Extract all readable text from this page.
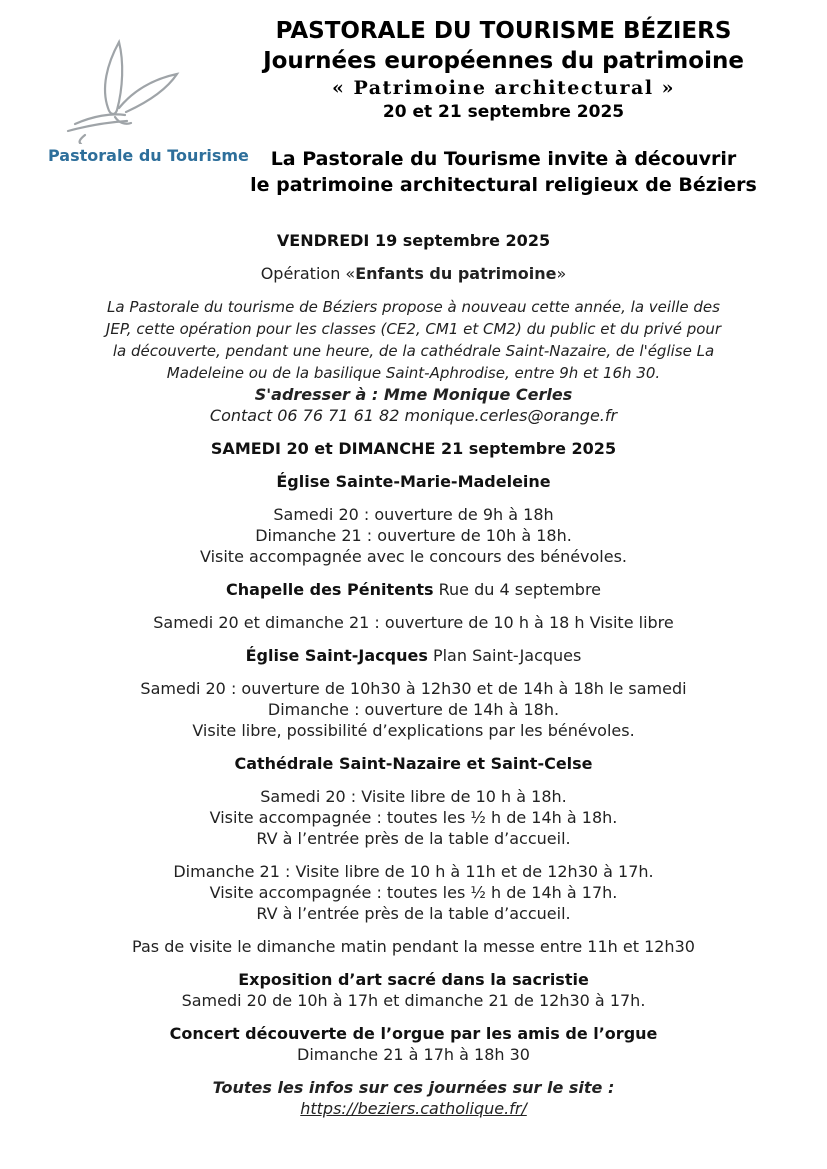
Pastorale du Tourisme
PASTORALE DU TOURISME BÉZIERS
Journées européennes du patrimoine
« Patrimoine architectural »
20 et 21 septembre 2025
La Pastorale du Tourisme invite à découvrir
le patrimoine architectural religieux de Béziers
VENDREDI 19 septembre 2025
Opération «Enfants du patrimoine»
La Pastorale du tourisme de Béziers propose à nouveau cette année, la veille des
JEP, cette opération pour les classes (CE2, CM1 et CM2) du public et du privé pour
la découverte, pendant une heure, de la cathédrale Saint-Nazaire, de l'église La
Madeleine ou de la basilique Saint-Aphrodise, entre 9h et 16h 30.
S'adresser à : Mme Monique Cerles
Contact 06 76 71 61 82 monique.cerles@orange.fr
SAMEDI 20 et DIMANCHE 21 septembre 2025
Église Sainte-Marie-Madeleine
Samedi 20 : ouverture de 9h à 18h
Dimanche 21 : ouverture de 10h à 18h.
Visite accompagnée avec le concours des bénévoles.
Chapelle des Pénitents Rue du 4 septembre
Samedi 20 et dimanche 21 : ouverture de 10 h à 18 h Visite libre
Église Saint-Jacques Plan Saint-Jacques
Samedi 20 : ouverture de 10h30 à 12h30 et de 14h à 18h le samedi
Dimanche : ouverture de 14h à 18h.
Visite libre, possibilité d’explications par les bénévoles.
Cathédrale Saint-Nazaire et Saint-Celse
Samedi 20 : Visite libre de 10 h à 18h.
Visite accompagnée : toutes les ½ h de 14h à 18h.
RV à l’entrée près de la table d’accueil.
Dimanche 21 : Visite libre de 10 h à 11h et de 12h30 à 17h.
Visite accompagnée : toutes les ½ h de 14h à 17h.
RV à l’entrée près de la table d’accueil.
Pas de visite le dimanche matin pendant la messe entre 11h et 12h30
Exposition d’art sacré dans la sacristie
Samedi 20 de 10h à 17h et dimanche 21 de 12h30 à 17h.
Concert découverte de l’orgue par les amis de l’orgue
Dimanche 21 à 17h à 18h 30
Toutes les infos sur ces journées sur le site :
https://beziers.catholique.fr/
